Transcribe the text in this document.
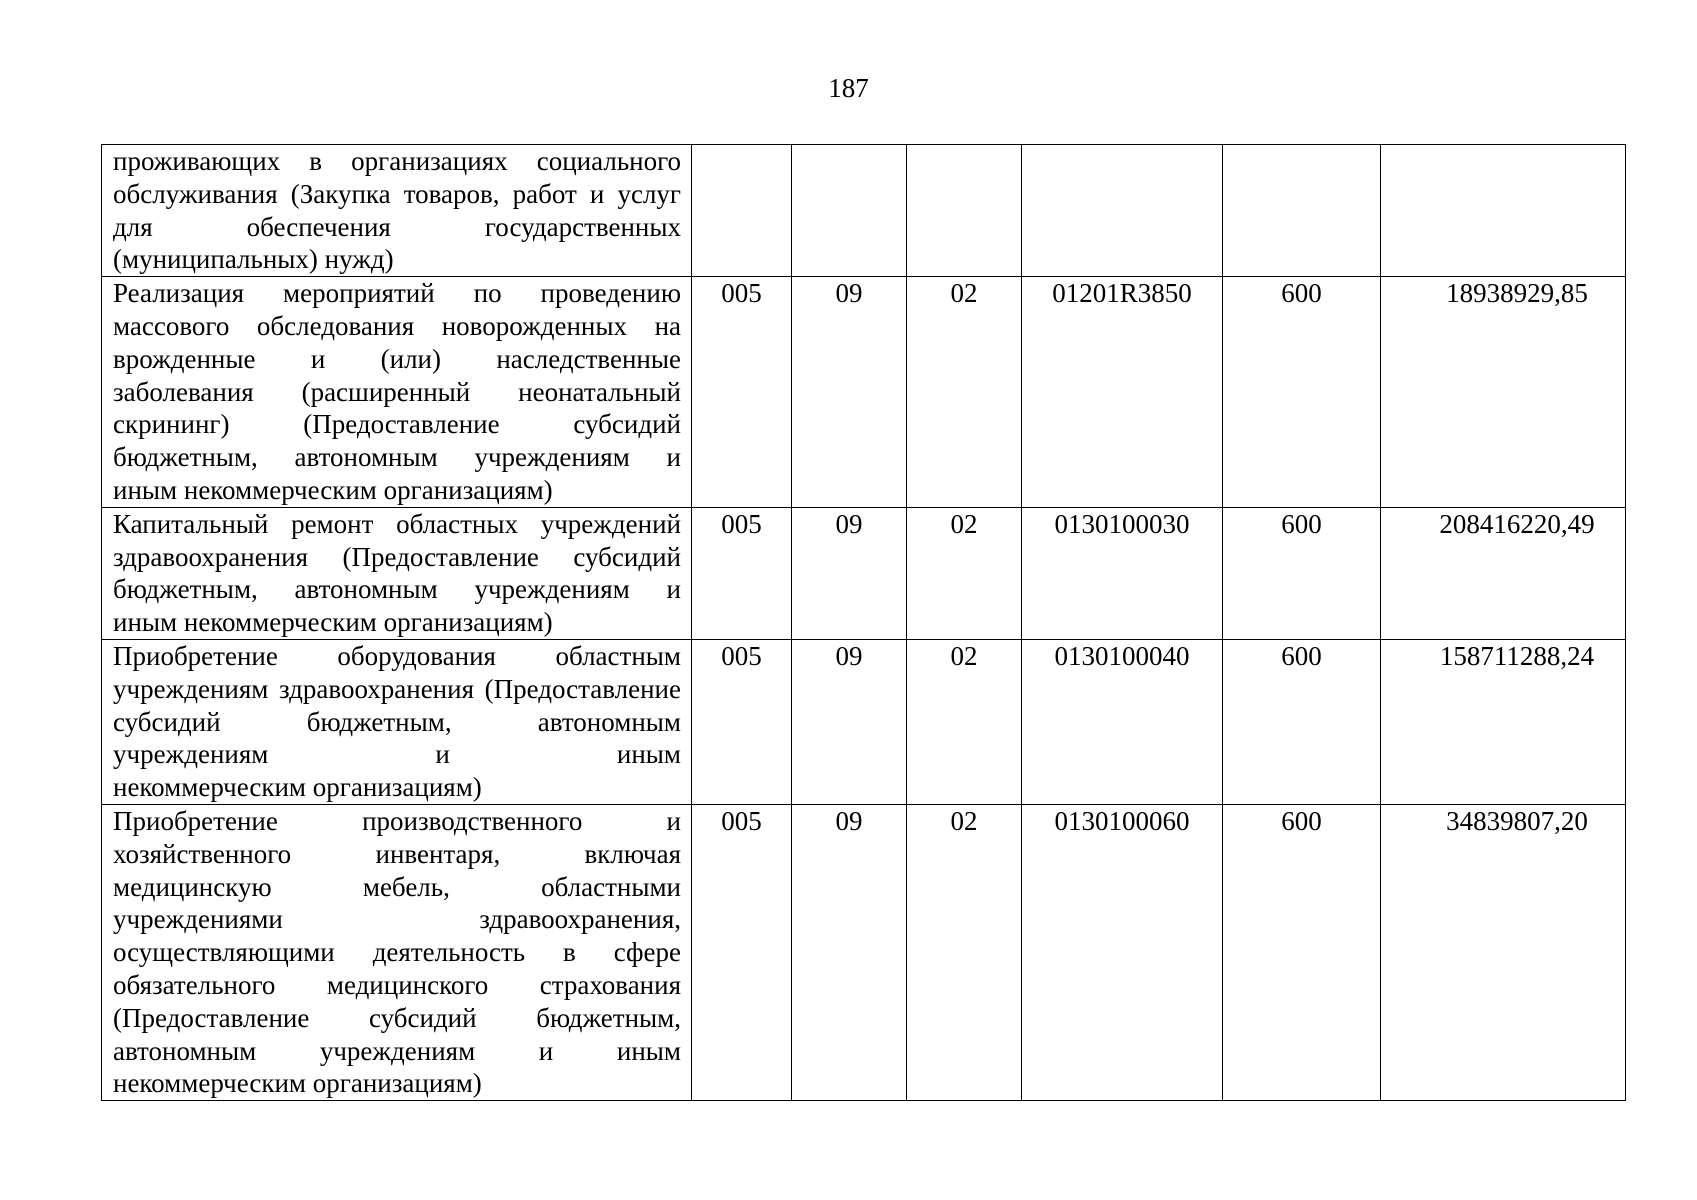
187

проживающих в организациях социального обслуживания (Закупка товаров, работ и услуг для обеспечения государственных
(муниципальных) нужд)						

Реализация мероприятий по проведению массового обследования новорожденных на врожденные и (или) наследственные заболевания (расширенный неонатальный скрининг) (Предоставление субсидий бюджетным, автономным учреждениям и
иным некоммерческим организациям)	005	09	02	01201R3850	600	18938929,85

Капитальный ремонт областных учреждений здравоохранения (Предоставление субсидий бюджетным, автономным учреждениям и
иным некоммерческим организациям)	005	09	02	0130100030	600	208416220,49

Приобретение оборудования областным учреждениям здравоохранения (Предоставление субсидий бюджетным, автономным учреждениям и иным
некоммерческим организациям)	005	09	02	0130100040	600	158711288,24

Приобретение производственного и хозяйственного инвентаря, включая медицинскую мебель, областными учреждениями здравоохранения, осуществляющими деятельность в сфере обязательного медицинского страхования (Предоставление субсидий бюджетным, автономным учреждениям и иным
некоммерческим организациям)	005	09	02	0130100060	600	34839807,20
